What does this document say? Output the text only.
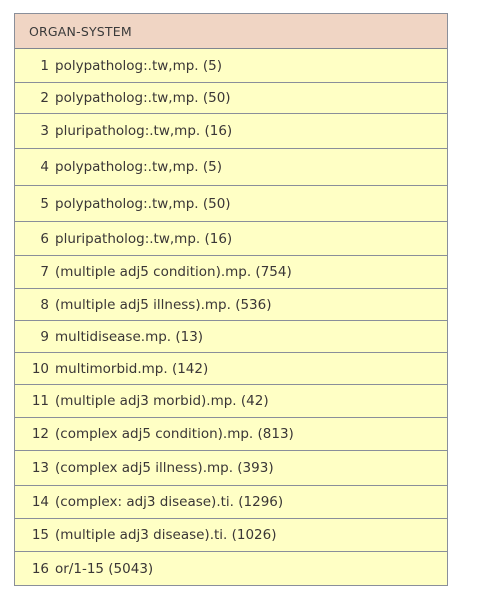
ORGAN-SYSTEM
1 polypatholog:.tw,mp. (5)
2 polypatholog:.tw,mp. (50)
3 pluripatholog:.tw,mp. (16)
4 polypatholog:.tw,mp. (5)
5 polypatholog:.tw,mp. (50)
6 pluripatholog:.tw,mp. (16)
7 (multiple adj5 condition).mp. (754)
8 (multiple adj5 illness).mp. (536)
9 multidisease.mp. (13)
10 multimorbid.mp. (142)
11 (multiple adj3 morbid).mp. (42)
12 (complex adj5 condition).mp. (813)
13 (complex adj5 illness).mp. (393)
14 (complex: adj3 disease).ti. (1296)
15 (multiple adj3 disease).ti. (1026)
16 or/1-15 (5043)
